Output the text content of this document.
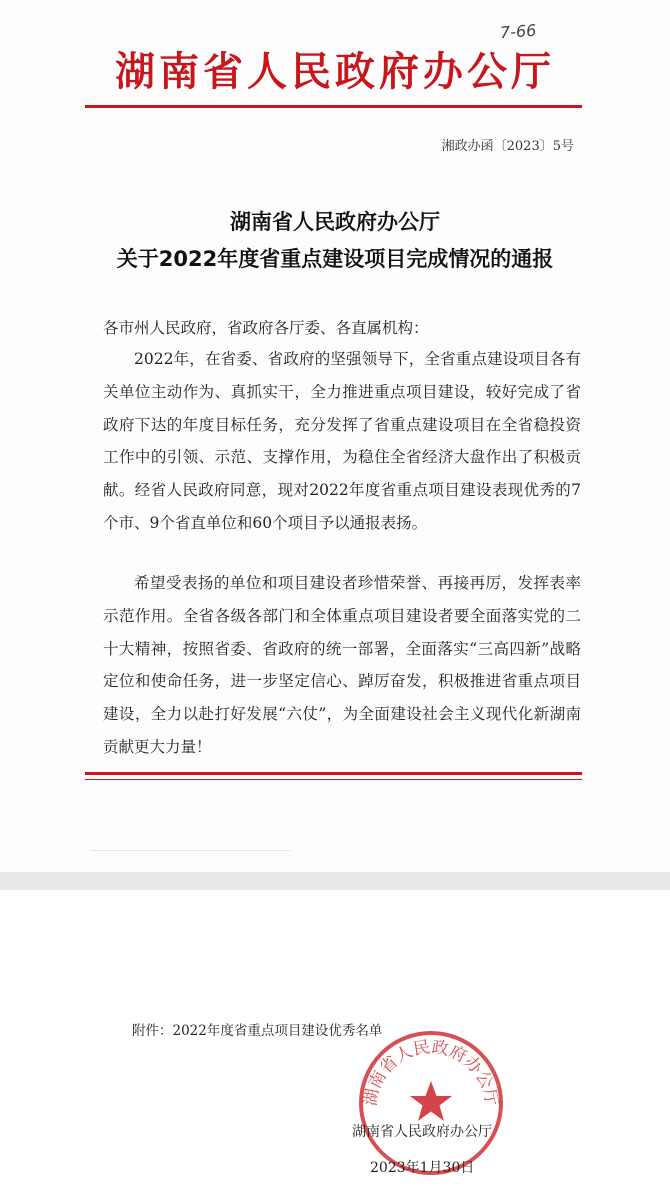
7-66
湖南省人民政府办公厅
湘政办函〔2023〕5号
湖南省人民政府办公厅
关于2022年度省重点建设项目完成情况的通报
各市州人民政府，省政府各厅委、各直属机构：

2022年，在省委、省政府的坚强领导下，全省重点建设项目各有关单位主动作为、真抓实干，全力推进重点项目建设，较好完成了省政府下达的年度目标任务，充分发挥了省重点建设项目在全省稳投资工作中的引领、示范、支撑作用，为稳住全省经济大盘作出了积极贡献。经省人民政府同意，现对2022年度省重点项目建设表现优秀的7个市、9个省直单位和60个项目予以通报表扬。

希望受表扬的单位和项目建设者珍惜荣誉、再接再厉，发挥表率示范作用。全省各级各部门和全体重点项目建设者要全面落实党的二十大精神，按照省委、省政府的统一部署，全面落实“三高四新”战略定位和使命任务，进一步坚定信心、踔厉奋发，积极推进省重点项目建设，全力以赴打好发展“六仗”，为全面建设社会主义现代化新湖南贡献更大力量！

附件：2022年度省重点项目建设优秀名单
湖南省人民政府办公厅
湖南省人民政府办公厅
2023年1月30日
